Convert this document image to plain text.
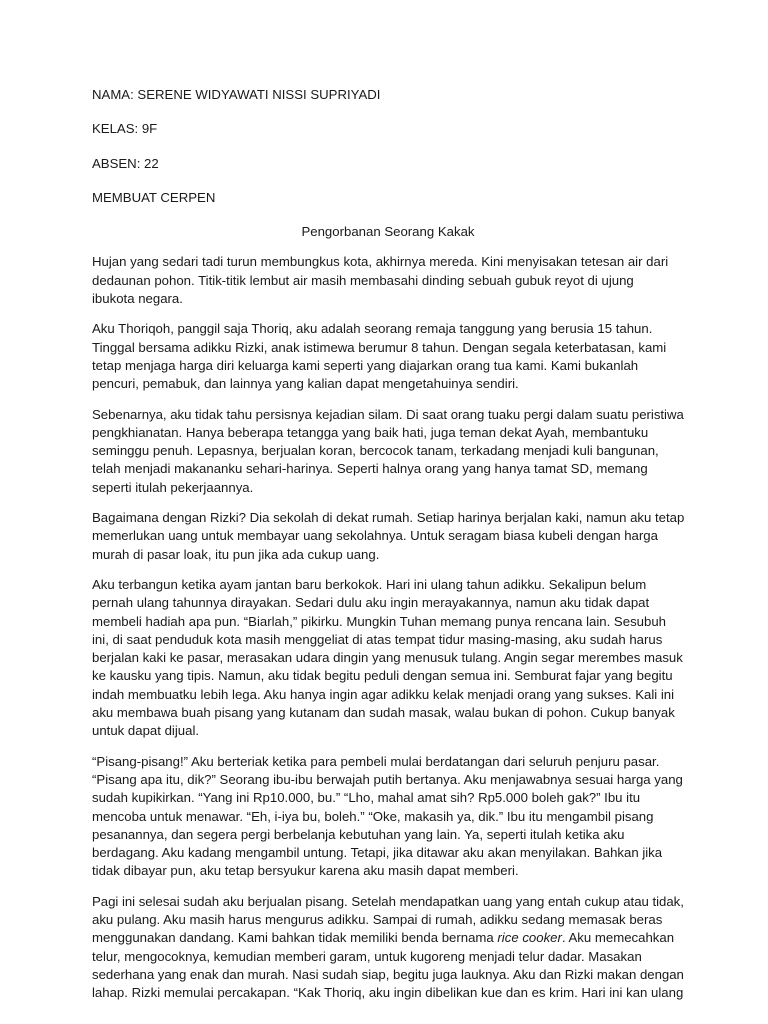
NAMA: SERENE WIDYAWATI NISSI SUPRIYADI
KELAS: 9F
ABSEN: 22
MEMBUAT CERPEN
Pengorbanan Seorang Kakak
Hujan yang sedari tadi turun membungkus kota, akhirnya mereda. Kini menyisakan tetesan air dari
dedaunan pohon. Titik-titik lembut air masih membasahi dinding sebuah gubuk reyot di ujung
ibukota negara.
Aku Thoriqoh, panggil saja Thoriq, aku adalah seorang remaja tanggung yang berusia 15 tahun.
Tinggal bersama adikku Rizki, anak istimewa berumur 8 tahun. Dengan segala keterbatasan, kami
tetap menjaga harga diri keluarga kami seperti yang diajarkan orang tua kami. Kami bukanlah
pencuri, pemabuk, dan lainnya yang kalian dapat mengetahuinya sendiri.
Sebenarnya, aku tidak tahu persisnya kejadian silam. Di saat orang tuaku pergi dalam suatu peristiwa
pengkhianatan. Hanya beberapa tetangga yang baik hati, juga teman dekat Ayah, membantuku
seminggu penuh. Lepasnya, berjualan koran, bercocok tanam, terkadang menjadi kuli bangunan,
telah menjadi makananku sehari-harinya. Seperti halnya orang yang hanya tamat SD, memang
seperti itulah pekerjaannya.
Bagaimana dengan Rizki? Dia sekolah di dekat rumah. Setiap harinya berjalan kaki, namun aku tetap
memerlukan uang untuk membayar uang sekolahnya. Untuk seragam biasa kubeli dengan harga
murah di pasar loak, itu pun jika ada cukup uang.
Aku terbangun ketika ayam jantan baru berkokok. Hari ini ulang tahun adikku. Sekalipun belum
pernah ulang tahunnya dirayakan. Sedari dulu aku ingin merayakannya, namun aku tidak dapat
membeli hadiah apa pun. “Biarlah,” pikirku. Mungkin Tuhan memang punya rencana lain. Sesubuh
ini, di saat penduduk kota masih menggeliat di atas tempat tidur masing-masing, aku sudah harus
berjalan kaki ke pasar, merasakan udara dingin yang menusuk tulang. Angin segar merembes masuk
ke kausku yang tipis. Namun, aku tidak begitu peduli dengan semua ini. Semburat fajar yang begitu
indah membuatku lebih lega. Aku hanya ingin agar adikku kelak menjadi orang yang sukses. Kali ini
aku membawa buah pisang yang kutanam dan sudah masak, walau bukan di pohon. Cukup banyak
untuk dapat dijual.
“Pisang-pisang!” Aku berteriak ketika para pembeli mulai berdatangan dari seluruh penjuru pasar.
“Pisang apa itu, dik?” Seorang ibu-ibu berwajah putih bertanya. Aku menjawabnya sesuai harga yang
sudah kupikirkan. “Yang ini Rp10.000, bu.” “Lho, mahal amat sih? Rp5.000 boleh gak?” Ibu itu
mencoba untuk menawar. “Eh, i-iya bu, boleh.” “Oke, makasih ya, dik.” Ibu itu mengambil pisang
pesanannya, dan segera pergi berbelanja kebutuhan yang lain. Ya, seperti itulah ketika aku
berdagang. Aku kadang mengambil untung. Tetapi, jika ditawar aku akan menyilakan. Bahkan jika
tidak dibayar pun, aku tetap bersyukur karena aku masih dapat memberi.
Pagi ini selesai sudah aku berjualan pisang. Setelah mendapatkan uang yang entah cukup atau tidak,
aku pulang. Aku masih harus mengurus adikku. Sampai di rumah, adikku sedang memasak beras
menggunakan dandang. Kami bahkan tidak memiliki benda bernama rice cooker. Aku memecahkan
telur, mengocoknya, kemudian memberi garam, untuk kugoreng menjadi telur dadar. Masakan
sederhana yang enak dan murah. Nasi sudah siap, begitu juga lauknya. Aku dan Rizki makan dengan
lahap. Rizki memulai percakapan. “Kak Thoriq, aku ingin dibelikan kue dan es krim. Hari ini kan ulang
